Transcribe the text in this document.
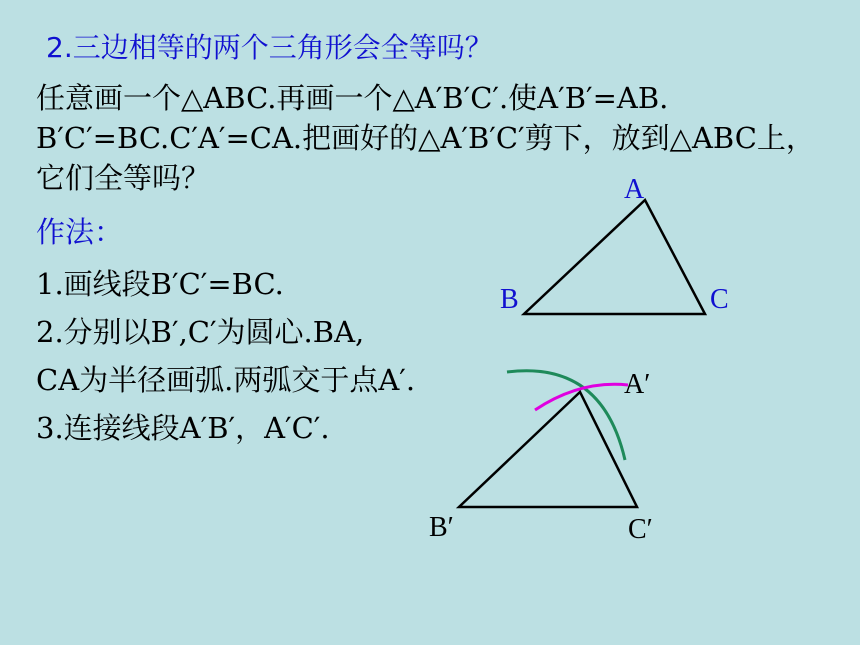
2.三边相等的两个三角形会全等吗？
任意画一个△ABC.再画一个△A′B′C′.使A′B′=AB.
B′C′=BC.C′A′=CA.把画好的△A′B′C′剪下，放到△ABC上，
它们全等吗？
作法：
1.画线段B′C′=BC.
2.分别以B′,C′为圆心.BA,
CA为半径画弧.两弧交于点A′.
3.连接线段A′B′，A′C′.
A
B	C
A′
B′	C′
